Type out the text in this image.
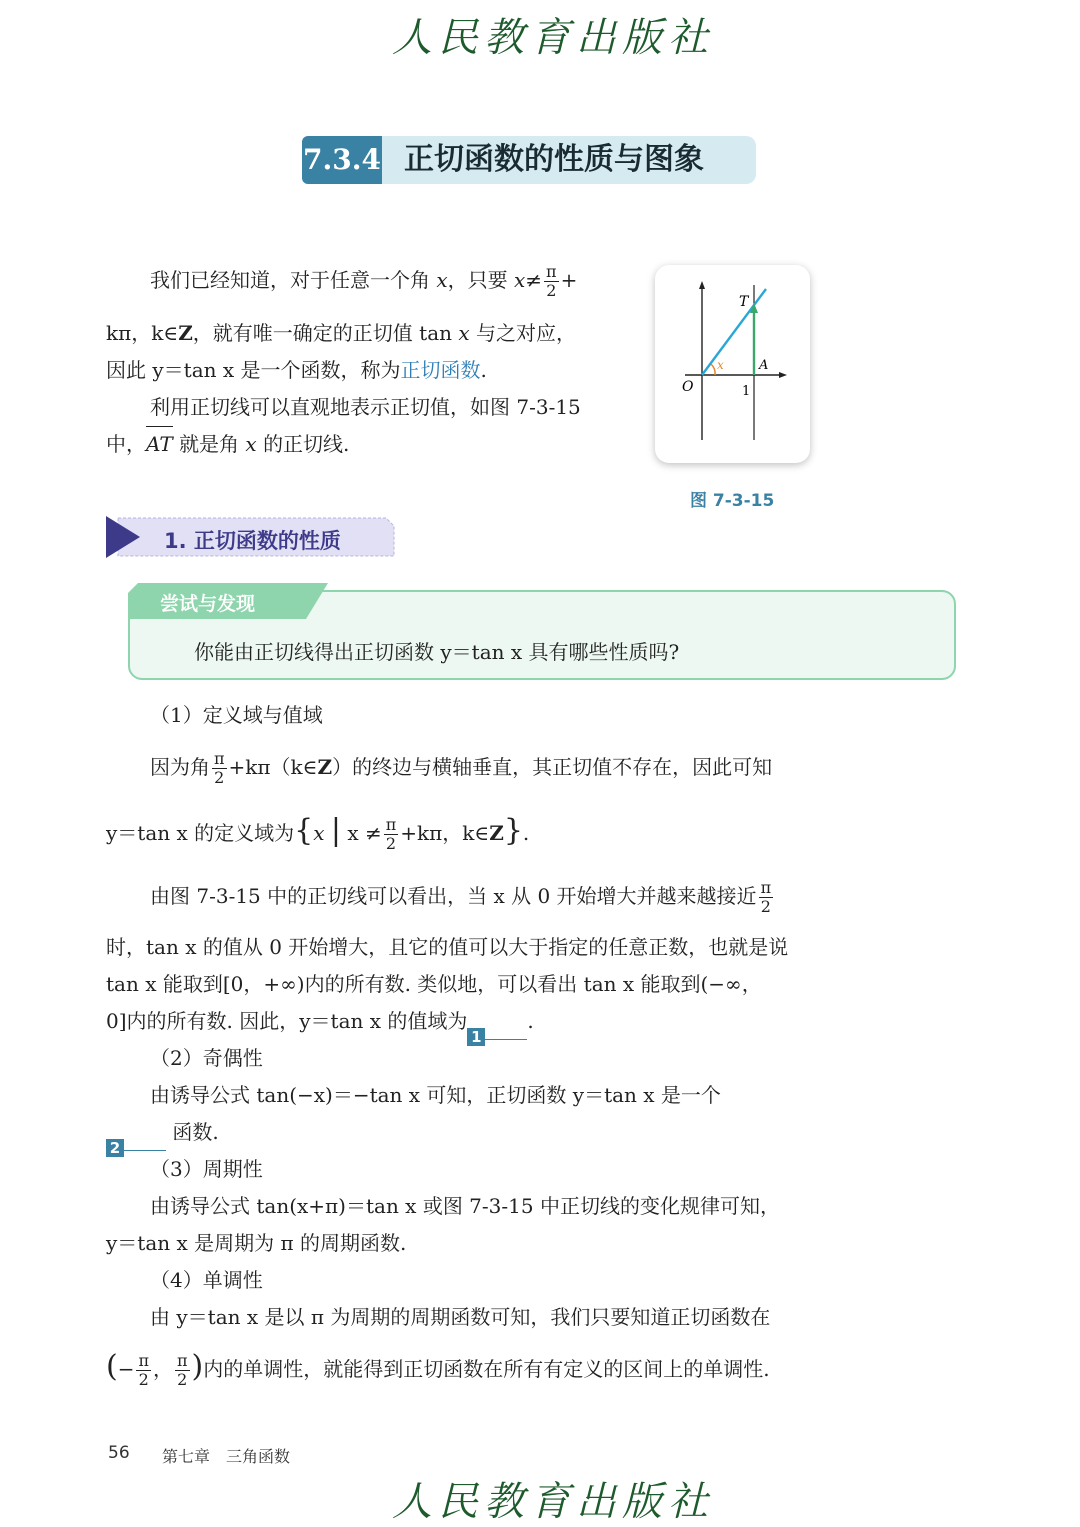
人民教育出版社
7.3.4 正切函数的性质与图象
我们已经知道，对于任意一个角 x，只要 $x\ne \frac{\pi}{2}$ +
kπ，k∈Z，就有唯一确定的正切值 tan x 与之对应，
因此 y＝tan x 是一个函数，称为正切函数.
利用正切线可以直观地表示正切值，如图 7-3-15
中，AT 就是角 x 的正切线.
T
A
O	1
x
图 7-3-15
1. 正切函数的性质
尝试与发现
你能由正切线得出正切函数 y＝tan x 具有哪些性质吗?
（1）定义域与值域
因为角 $\frac{\pi}{2}$ +kπ（k∈Z）的终边与横轴垂直，其正切值不存在，因此可知
y＝tan x 的定义域为{x | $x \ne \frac{\pi}{2} +k\pi$，k∈Z}.
由图 7-3-15 中的正切线可以看出，当 x 从 0 开始增大并越来越接近 $\frac{\pi}{2}$
时，tan x 的值从 0 开始增大，且它的值可以大于指定的任意正数，也就是说
tan x 能取到[0，+∞)内的所有数. 类似地，可以看出 tan x 能取到(−∞，
0]内的所有数. 因此，y＝tan x 的值域为1.
（2）奇偶性
由诱导公式 tan(−x)＝−tan x 可知，正切函数 y＝tan x 是一个
2 函数.
（3）周期性
由诱导公式 tan(x+π)＝tan x 或图 7-3-15 中正切线的变化规律可知，
y＝tan x 是周期为 π 的周期函数.
（4）单调性
由 y＝tan x 是以 π 为周期的周期函数可知，我们只要知道正切函数在
(− $\frac{\pi}{2}$ ， $\frac{\pi}{2}$ )内的单调性，就能得到正切函数在所有有定义的区间上的单调性.
56 第七章　三角函数
人民教育出版社
